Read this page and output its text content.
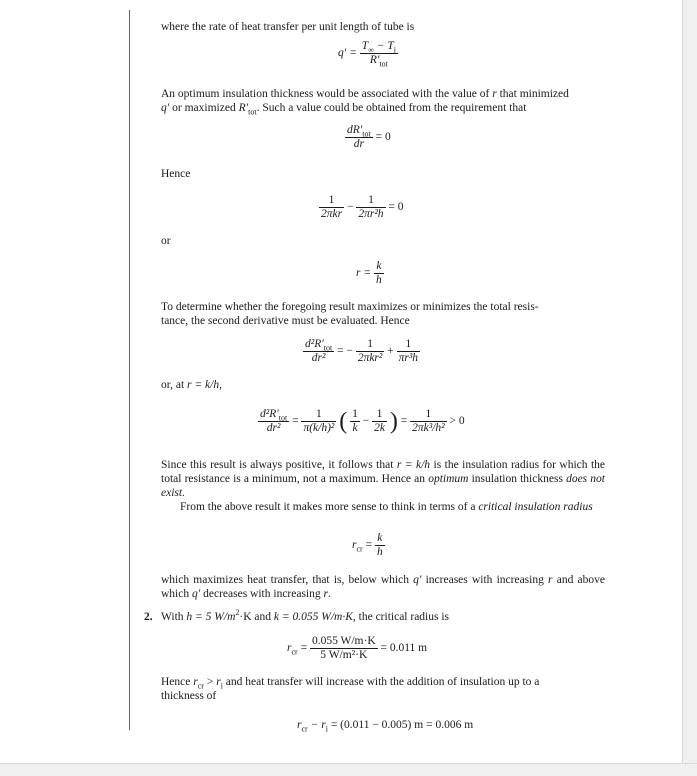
where the rate of heat transfer per unit length of tube is
$q' = \frac{T_\infty - T_i}{R'_{tot}}$
An optimum insulation thickness would be associated with the value of r that minimized
q′ or maximized $R'_{tot}$. Such a value could be obtained from the requirement that
$\frac{dR'_{tot}}{dr} = 0$
Hence
$\frac{1}{\text{2πkr}} - \frac{1}{\text{2πr²h}} = 0$
or
$r = \frac{k}{h}$
To determine whether the foregoing result maximizes or minimizes the total resis-
tance, the second derivative must be evaluated. Hence
$\frac{d^2R'_{tot}}{\text{dr²}}$ = − $\frac{1}{\text{2πkr²}} + \frac{1}{\text{πr³h}}$
or, at r = k/h,
$\frac{d^2R'_{tot}}{\text{dr²}} = \frac{1}{\text{π(k/h)²}}$ ( $\frac{1}{k} - \frac{1}{2k}$ ) = $\frac{1}{\text{2πk³/h²}} > 0$
Since this result is always positive, it follows that r = k/h is the insulation radius for which the total resistance is a minimum, not a maximum. Hence an optimum insulation thickness does not exist.
From the above result it makes more sense to think in terms of a critical insulation radius
$r_{cr} = \frac{k}{h}$
which maximizes heat transfer, that is, below which q′ increases with increasing r and above which q′ decreases with increasing r.
2. With h = 5 $W/m^2\cdot K$ and k = 0.055 W/m·K, the critical radius is
$r_{cr} = \frac{0.055 W/m\cdot K}{\text{5 W/m²·K}} = 0.011$ m
Hence $r_{cr} > r_i$ and heat transfer will increase with the addition of insulation up to a
thickness of
$r_{cr} - r_i = (0.011 - 0.005) m = 0.006$ m
